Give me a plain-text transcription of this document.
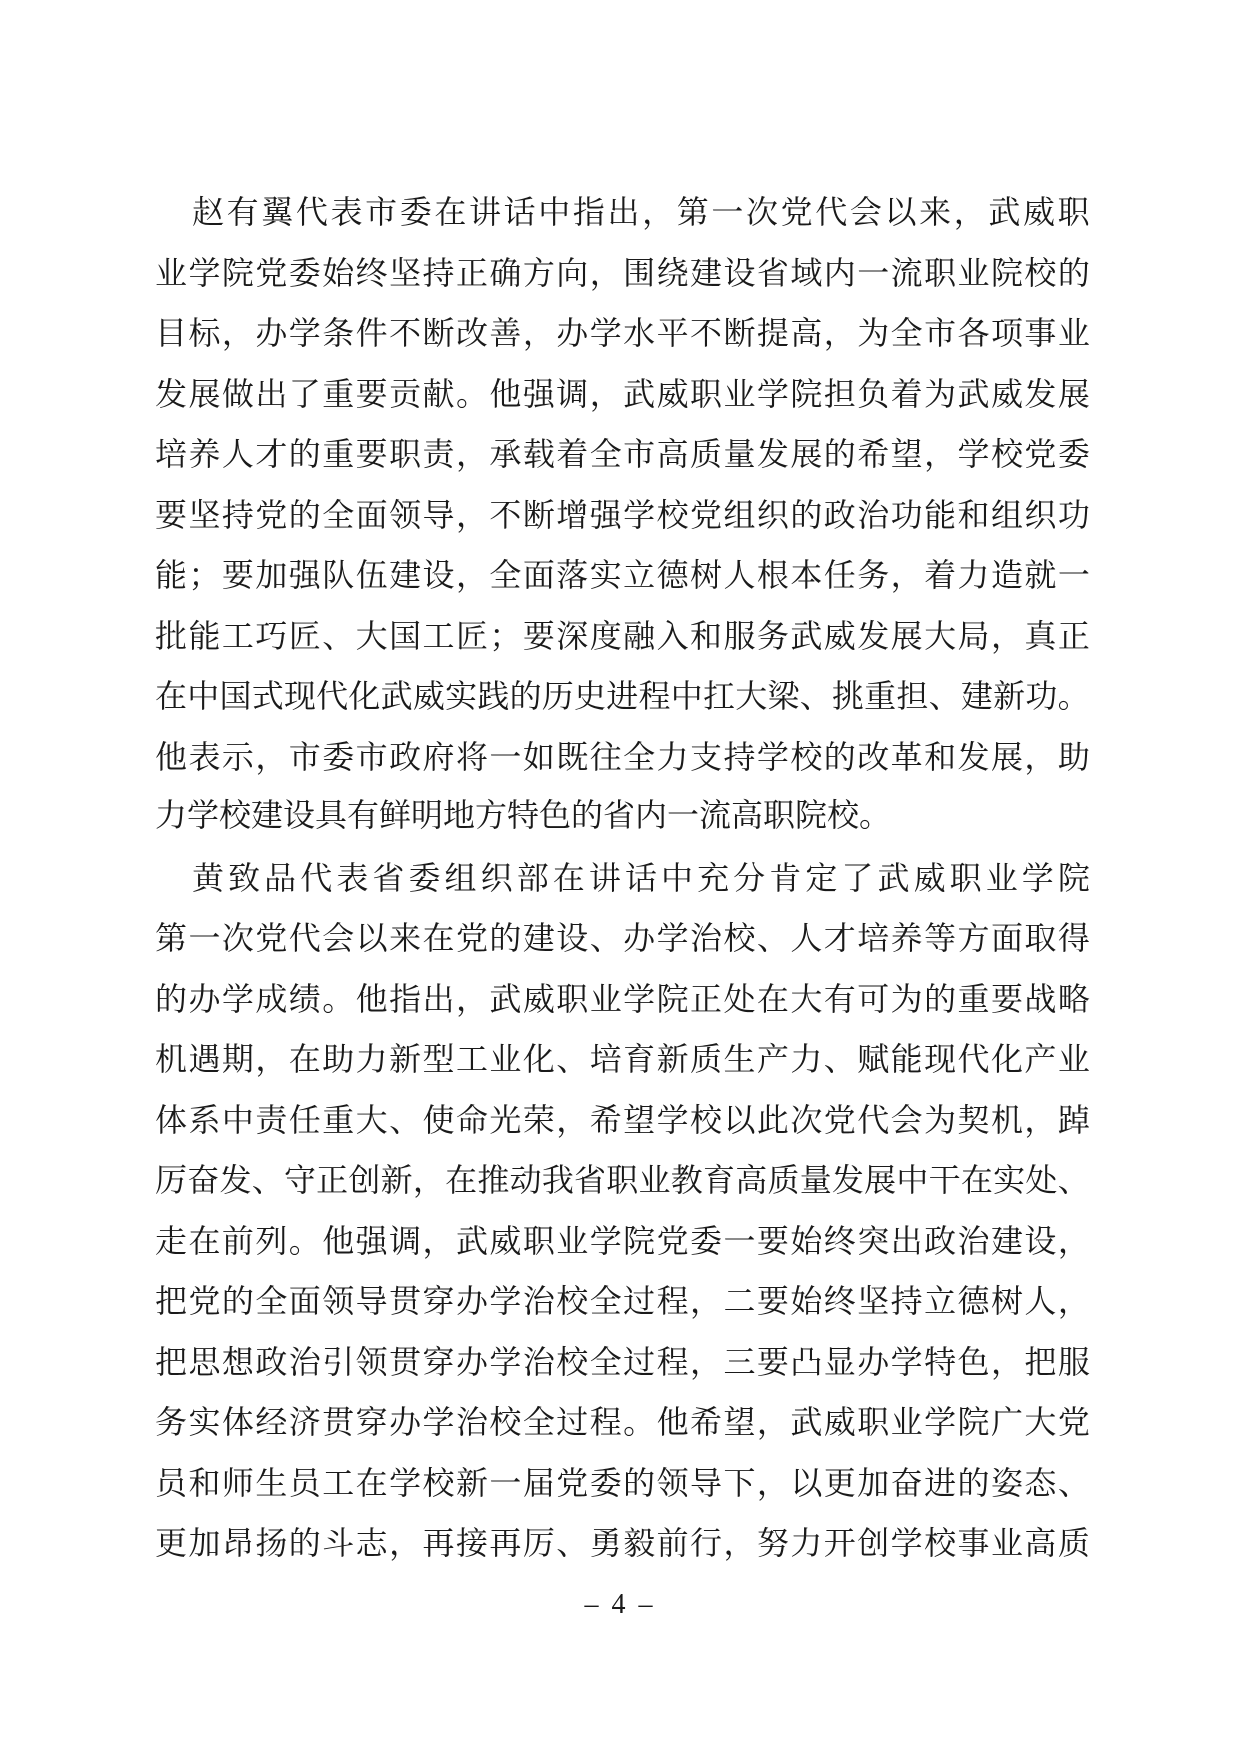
赵 有 翼 代 表 市 委 在 讲 话 中 指 出 ， 第 一 次 党 代 会 以 来 ， 武 威 职
业 学 院 党 委 始 终 坚 持 正 确 方 向 ， 围 绕 建 设 省 域 内 一 流 职 业 院 校 的
目 标 ， 办 学 条 件 不 断 改 善 ， 办 学 水 平 不 断 提 高 ， 为 全 市 各 项 事 业
发 展 做 出 了 重 要 贡 献 。 他 强 调 ， 武 威 职 业 学 院 担 负 着 为 武 威 发 展
培 养 人 才 的 重 要 职 责 ， 承 载 着 全 市 高 质 量 发 展 的 希 望 ， 学 校 党 委
要 坚 持 党 的 全 面 领 导 ， 不 断 增 强 学 校 党 组 织 的 政 治 功 能 和 组 织 功
能 ； 要 加 强 队 伍 建 设 ， 全 面 落 实 立 德 树 人 根 本 任 务 ， 着 力 造 就 一
批 能 工 巧 匠 、 大 国 工 匠 ； 要 深 度 融 入 和 服 务 武 威 发 展 大 局 ， 真 正
在 中 国 式 现 代 化 武 威 实 践 的 历 史 进 程 中 扛 大 梁 、 挑 重 担 、 建 新 功 。
他 表 示 ， 市 委 市 政 府 将 一 如 既 往 全 力 支 持 学 校 的 改 革 和 发 展 ， 助
力学校建设具有鲜明地方特色的省内一流高职院校。
黄 致 品 代 表 省 委 组 织 部 在 讲 话 中 充 分 肯 定 了 武 威 职 业 学 院
第 一 次 党 代 会 以 来 在 党 的 建 设 、 办 学 治 校 、 人 才 培 养 等 方 面 取 得
的 办 学 成 绩 。 他 指 出 ， 武 威 职 业 学 院 正 处 在 大 有 可 为 的 重 要 战 略
机 遇 期 ， 在 助 力 新 型 工 业 化 、 培 育 新 质 生 产 力 、 赋 能 现 代 化 产 业
体 系 中 责 任 重 大 、 使 命 光 荣 ， 希 望 学 校 以 此 次 党 代 会 为 契 机 ， 踔
厉 奋 发 、 守 正 创 新 ， 在 推 动 我 省 职 业 教 育 高 质 量 发 展 中 干 在 实 处 、
走 在 前 列 。 他 强 调 ， 武 威 职 业 学 院 党 委 一 要 始 终 突 出 政 治 建 设 ，
把 党 的 全 面 领 导 贯 穿 办 学 治 校 全 过 程 ， 二 要 始 终 坚 持 立 德 树 人 ，
把 思 想 政 治 引 领 贯 穿 办 学 治 校 全 过 程 ， 三 要 凸 显 办 学 特 色 ， 把 服
务 实 体 经 济 贯 穿 办 学 治 校 全 过 程 。 他 希 望 ， 武 威 职 业 学 院 广 大 党
员 和 师 生 员 工 在 学 校 新 一 届 党 委 的 领 导 下 ， 以 更 加 奋 进 的 姿 态 、
更 加 昂 扬 的 斗 志 ， 再 接 再 厉 、 勇 毅 前 行 ， 努 力 开 创 学 校 事 业 高 质
– 4 –
